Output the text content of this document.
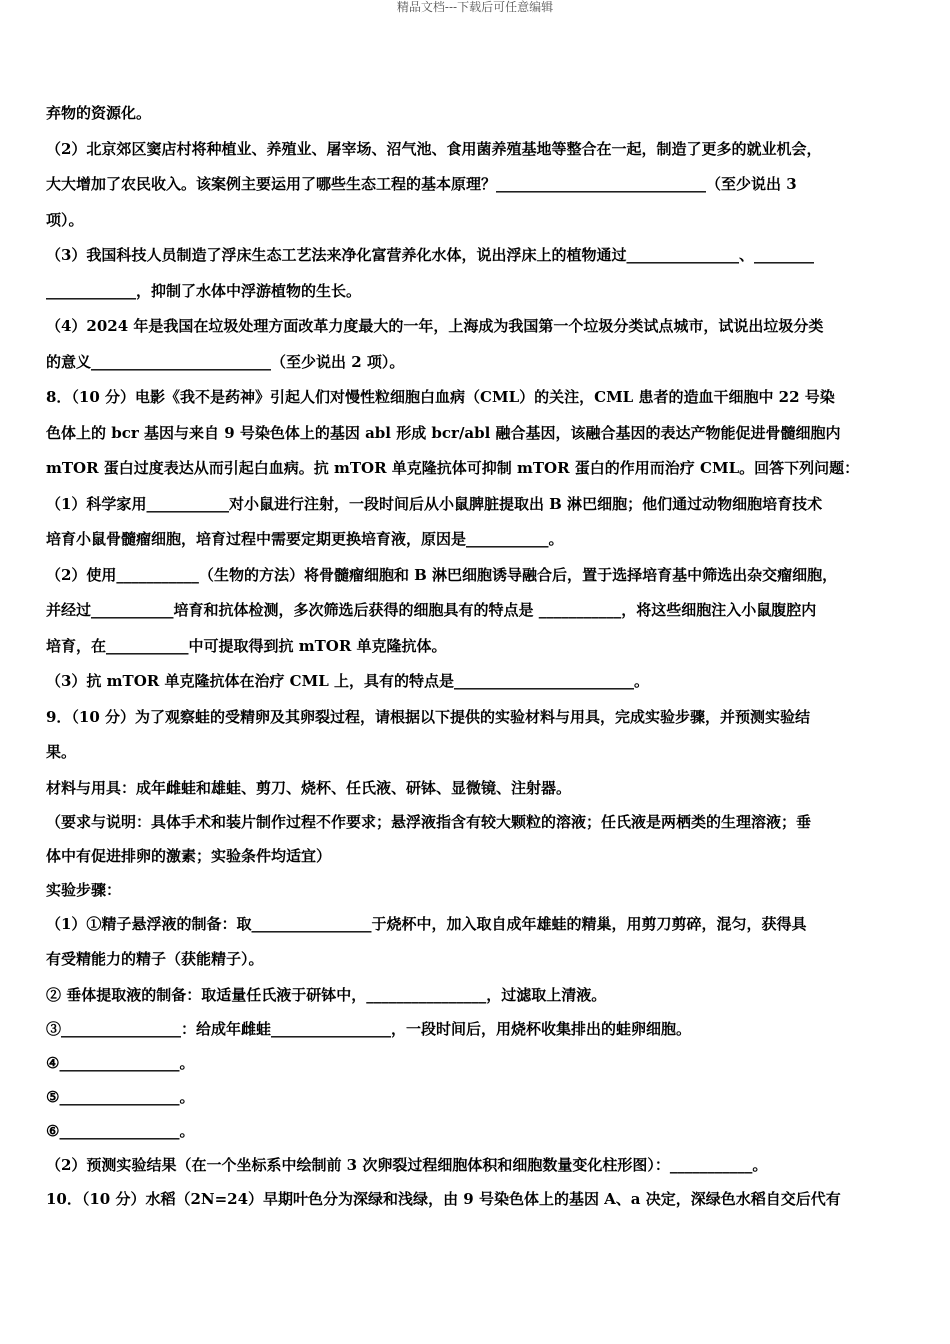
精品文档---下载后可任意编辑
弃物的资源化。
（2）北京郊区窦店村将种植业、养殖业、屠宰场、沼气池、食用菌养殖基地等整合在一起，制造了更多的就业机会，
大大增加了农民收入。该案例主要运用了哪些生态工程的基本原理？____________________________（至少说出 3
项）。
（3）我国科技人员制造了浮床生态工艺法来净化富营养化水体，说出浮床上的植物通过_______________、________
____________，抑制了水体中浮游植物的生长。
（4）2024 年是我国在垃圾处理方面改革力度最大的一年，上海成为我国第一个垃圾分类试点城市，试说出垃圾分类
的意义________________________（至少说出 2 项）。
8．（10 分）电影《我不是药神》引起人们对慢性粒细胞白血病（CML）的关注，CML 患者的造血干细胞中 22 号染
色体上的 bcr 基因与来自 9 号染色体上的基因 abl 形成 bcr/abl 融合基因，该融合基因的表达产物能促进骨髓细胞内
mTOR 蛋白过度表达从而引起白血病。抗 mTOR 单克隆抗体可抑制 mTOR 蛋白的作用而治疗 CML。回答下列问题：
（1）科学家用___________对小鼠进行注射，一段时间后从小鼠脾脏提取出 B 淋巴细胞；他们通过动物细胞培育技术
培育小鼠骨髓瘤细胞，培育过程中需要定期更换培育液，原因是___________。
（2）使用___________（生物的方法）将骨髓瘤细胞和 B 淋巴细胞诱导融合后，置于选择培育基中筛选出杂交瘤细胞，
并经过___________培育和抗体检测，多次筛选后获得的细胞具有的特点是 ___________，将这些细胞注入小鼠腹腔内
培育，在___________中可提取得到抗 mTOR 单克隆抗体。
（3）抗 mTOR 单克隆抗体在治疗 CML 上，具有的特点是________________________。
9．（10 分）为了观察蛙的受精卵及其卵裂过程，请根据以下提供的实验材料与用具，完成实验步骤，并预测实验结
果。
材料与用具：成年雌蛙和雄蛙、剪刀、烧杯、任氏液、研钵、显微镜、注射器。
（要求与说明：具体手术和装片制作过程不作要求；悬浮液指含有较大颗粒的溶液；任氏液是两栖类的生理溶液；垂
体中有促进排卵的激素；实验条件均适宜）
实验步骤：
（1）①精子悬浮液的制备：取________________于烧杯中，加入取自成年雄蛙的精巢，用剪刀剪碎，混匀，获得具
有受精能力的精子（获能精子）。
② 垂体提取液的制备：取适量任氏液于研钵中，________________，过滤取上清液。
③________________：给成年雌蛙________________，一段时间后，用烧杯收集排出的蛙卵细胞。
④________________。
⑤________________。
⑥________________。
（2）预测实验结果（在一个坐标系中绘制前 3 次卵裂过程细胞体积和细胞数量变化柱形图）：___________。
10．（10 分）水稻（2N=24）早期叶色分为深绿和浅绿，由 9 号染色体上的基因 A、a 决定，深绿色水稻自交后代有
